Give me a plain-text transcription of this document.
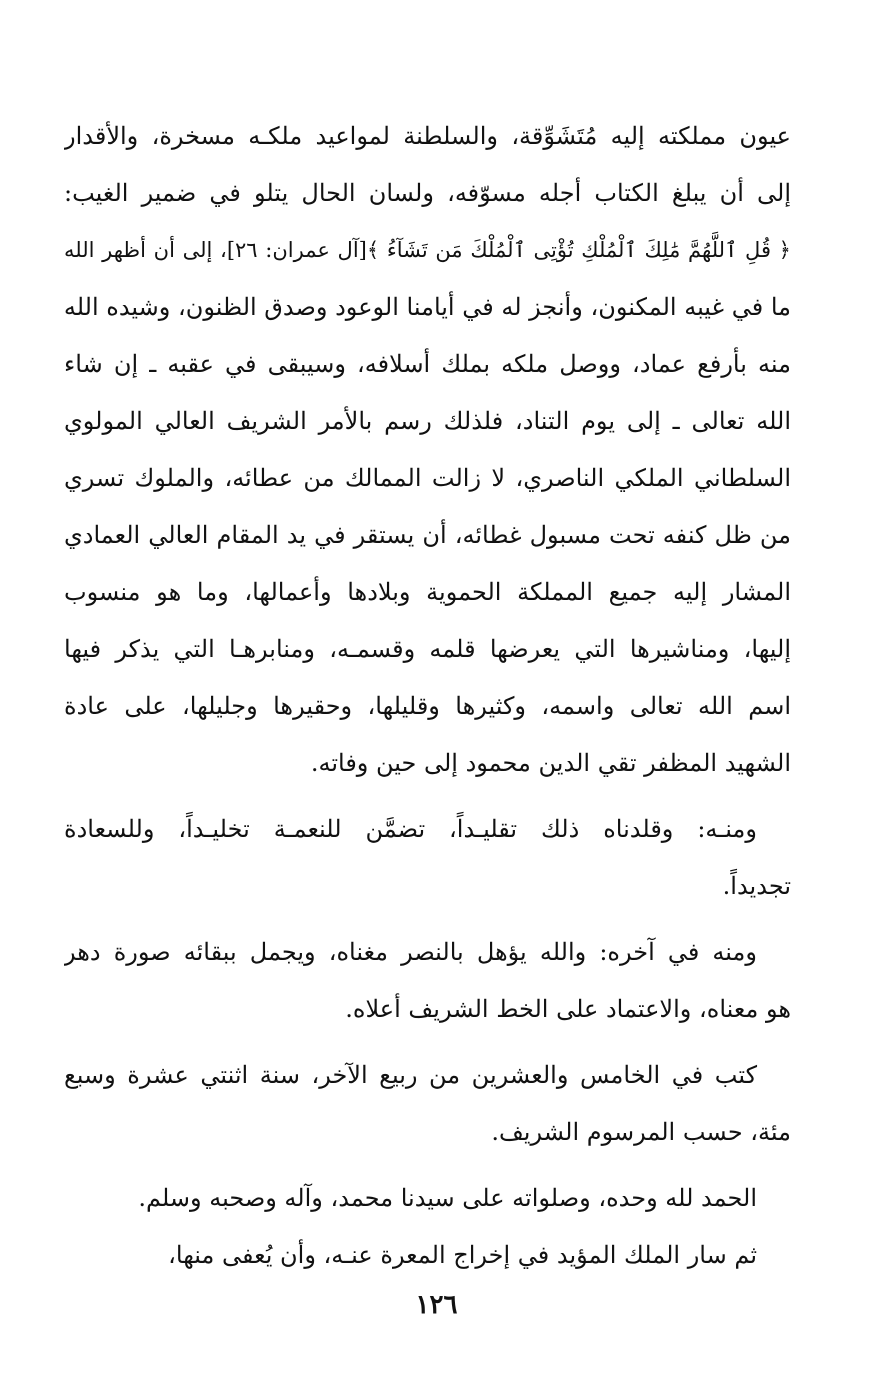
عيون مملكته إليه مُتَشَوِّقة، والسلطنة لمواعيد ملكـه مسخرة، والأقدار
إلى أن يبلغ الكتاب أجله مسوّفه، ولسان الحال يتلو في ضمير الغيب:
﴿ قُلِ ٱللَّهُمَّ مَٰلِكَ ٱلْمُلْكِ تُؤْتِى ٱلْمُلْكَ مَن تَشَآءُ ﴾[آل عمران: ٢٦]، إلى أن أظهر الله
ما في غيبه المكنون، وأنجز له في أيامنا الوعود وصدق الظنون، وشيده الله
منه بأرفع عماد، ووصل ملكه بملك أسلافه، وسيبقى في عقبه ـ إن شاء
الله تعالى ـ إلى يوم التناد، فلذلك رسم بالأمر الشريف العالي المولوي
السلطاني الملكي الناصري، لا زالت الممالك من عطائه، والملوك تسري
من ظل كنفه تحت مسبول غطائه، أن يستقر في يد المقام العالي العمادي
المشار إليه جميع المملكة الحموية وبلادها وأعمالها، وما هو منسوب
إليها، ومناشيرها التي يعرضها قلمه وقسمـه، ومنابرهـا التي يذكر فيها
اسم الله تعالى واسمه، وكثيرها وقليلها، وحقيرها وجليلها، على عادة
الشهيد المظفر تقي الدين محمود إلى حين وفاته.
ومنـه: وقلدناه ذلك تقليـداً، تضمَّن للنعمـة تخليـداً، وللسعادة
تجديداً.
ومنه في آخره: والله يؤهل بالنصر مغناه، ويجمل ببقائه صورة دهر
هو معناه، والاعتماد على الخط الشريف أعلاه.
كتب في الخامس والعشرين من ربيع الآخر، سنة اثنتي عشرة وسبع
مئة، حسب المرسوم الشريف.
الحمد لله وحده، وصلواته على سيدنا محمد، وآله وصحبه وسلم.
ثم سار الملك المؤيد في إخراج المعرة عنـه، وأن يُعفى منها،
١٢٦
